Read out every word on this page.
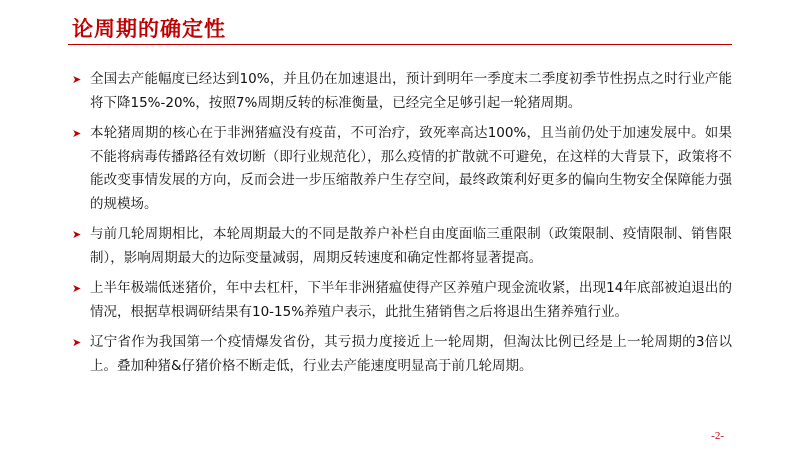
论周期的确定性
➤ 全国去产能幅度已经达到10%，并且仍在加速退出，预计到明年一季度末二季度初季节性拐点之时行业产能将下降15%-20%，按照7%周期反转的标准衡量，已经完全足够引起一轮猪周期。
➤ 本轮猪周期的核心在于非洲猪瘟没有疫苗，不可治疗，致死率高达100%，且当前仍处于加速发展中。如果不能将病毒传播路径有效切断（即行业规范化），那么疫情的扩散就不可避免，在这样的大背景下，政策将不能改变事情发展的方向，反而会进一步压缩散养户生存空间，最终政策利好更多的偏向生物安全保障能力强的规模场。
➤ 与前几轮周期相比，本轮周期最大的不同是散养户补栏自由度面临三重限制（政策限制、疫情限制、销售限制），影响周期最大的边际变量减弱，周期反转速度和确定性都将显著提高。
➤ 上半年极端低迷猪价，年中去杠杆，下半年非洲猪瘟使得产区养殖户现金流收紧，出现14年底部被迫退出的情况，根据草根调研结果有10-15%养殖户表示，此批生猪销售之后将退出生猪养殖行业。
➤ 辽宁省作为我国第一个疫情爆发省份，其亏损力度接近上一轮周期，但淘汰比例已经是上一轮周期的3倍以上。叠加种猪&仔猪价格不断走低，行业去产能速度明显高于前几轮周期。
-2-
